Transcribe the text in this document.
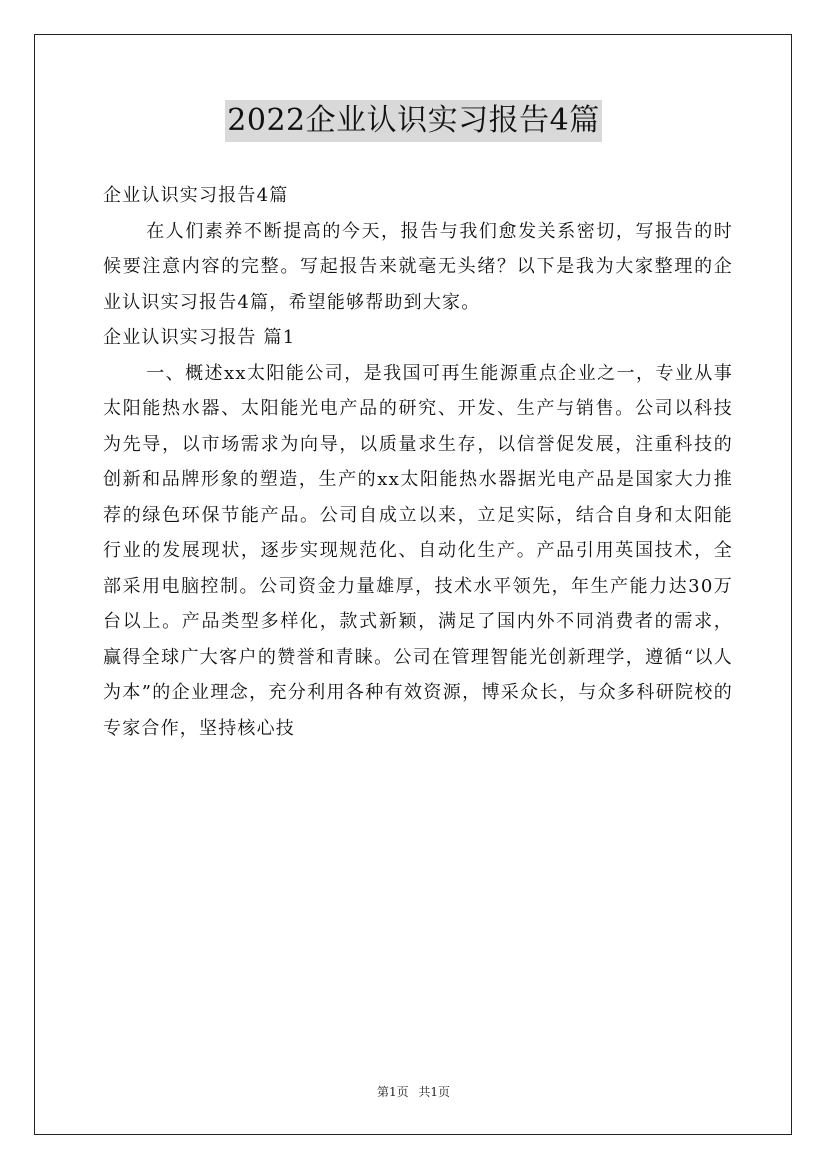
2022企业认识实习报告4篇

企业认识实习报告4篇

在人们素养不断提高的今天，报告与我们愈发关系密切，写报告的时候要注意内容的完整。写起报告来就毫无头绪？以下是我为大家整理的企业认识实习报告4篇，希望能够帮助到大家。

企业认识实习报告 篇1

一、概述xx太阳能公司，是我国可再生能源重点企业之一，专业从事太阳能热水器、太阳能光电产品的研究、开发、生产与销售。公司以科技为先导，以市场需求为向导，以质量求生存，以信誉促发展，注重科技的创新和品牌形象的塑造，生产的xx太阳能热水器据光电产品是国家大力推荐的绿色环保节能产品。公司自成立以来，立足实际，结合自身和太阳能行业的发展现状，逐步实现规范化、自动化生产。产品引用英国技术，全部采用电脑控制。公司资金力量雄厚，技术水平领先，年生产能力达30万台以上。产品类型多样化，款式新颖，满足了国内外不同消费者的需求，赢得全球广大客户的赞誉和青睐。公司在管理智能光创新理学，遵循“以人为本”的企业理念，充分利用各种有效资源，博采众长，与众多科研院校的专家合作，坚持核心技

第1页 共1页
